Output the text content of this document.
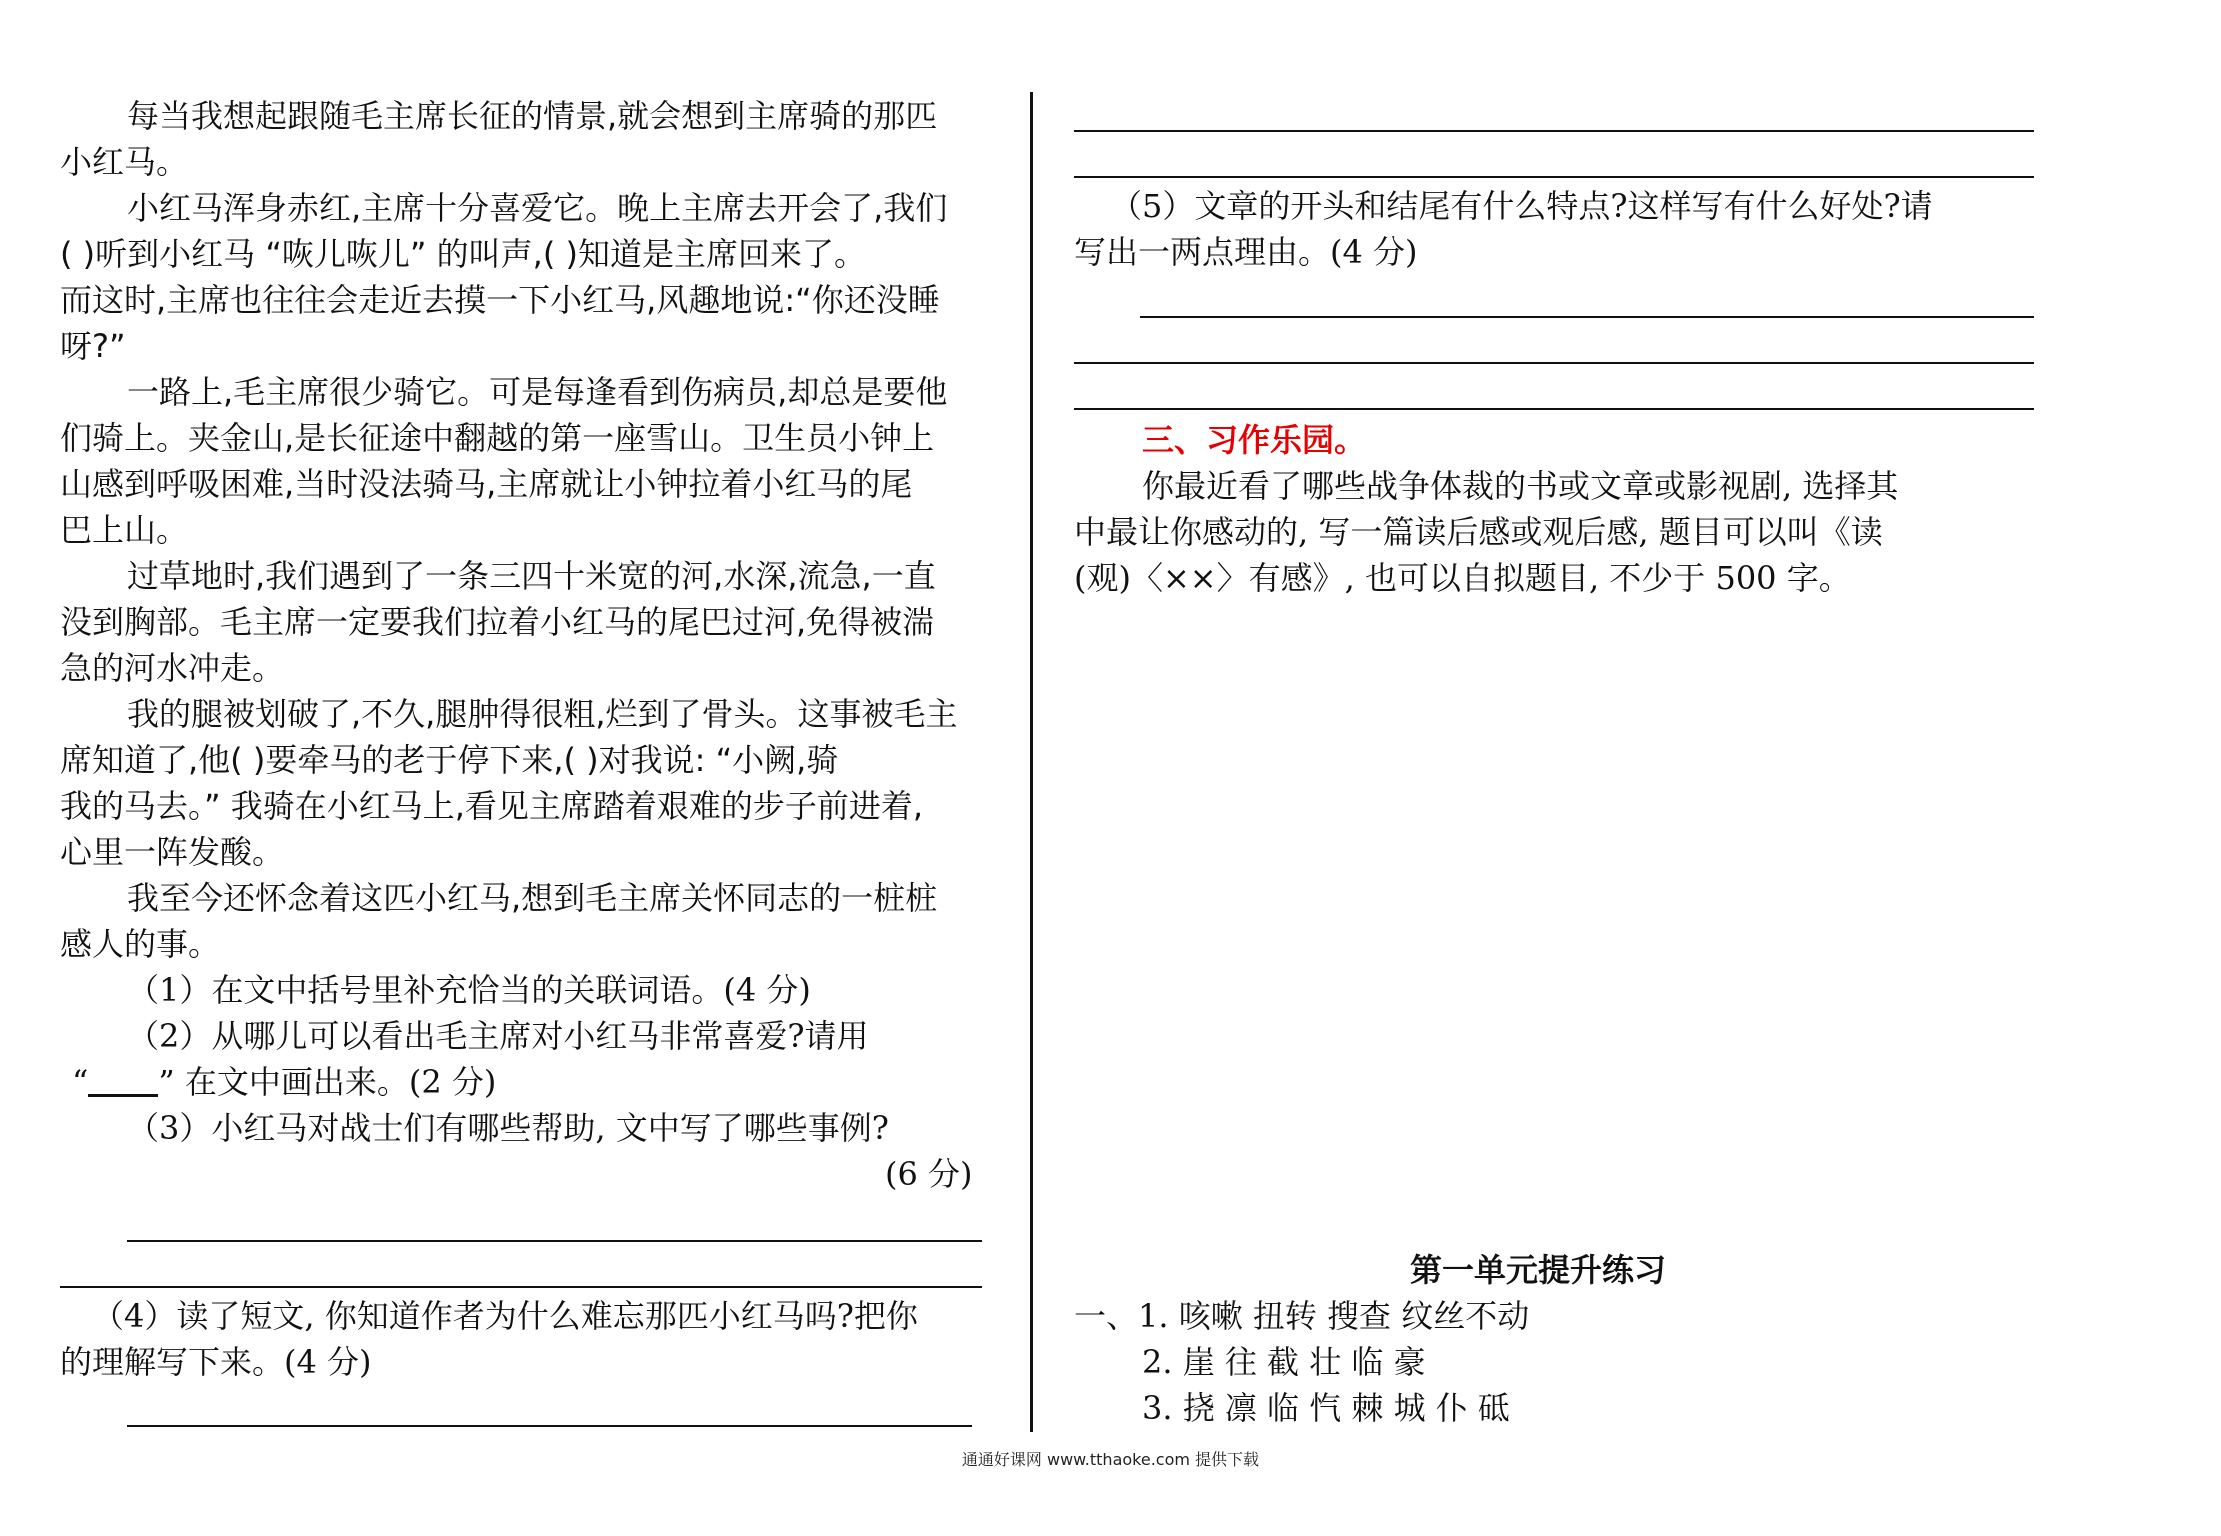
每当我想起跟随毛主席长征的情景,就会想到主席骑的那匹
小红马。
小红马浑身赤红,主席十分喜爱它。晚上主席去开会了,我们
( )听到小红马 “咴儿咴儿” 的叫声,( )知道是主席回来了。
而这时,主席也往往会走近去摸一下小红马,风趣地说:“你还没睡
呀?”
一路上,毛主席很少骑它。可是每逢看到伤病员,却总是要他
们骑上。夹金山,是长征途中翻越的第一座雪山。卫生员小钟上
山感到呼吸困难,当时没法骑马,主席就让小钟拉着小红马的尾
巴上山。
过草地时,我们遇到了一条三四十米宽的河,水深,流急,一直
没到胸部。毛主席一定要我们拉着小红马的尾巴过河,免得被湍
急的河水冲走。
我的腿被划破了,不久,腿肿得很粗,烂到了骨头。这事被毛主
席知道了,他( )要牵马的老于停下来,( )对我说: “小阙,骑
我的马去。” 我骑在小红马上,看见主席踏着艰难的步子前进着,
心里一阵发酸。
我至今还怀念着这匹小红马,想到毛主席关怀同志的一桩桩
感人的事。
（1）在文中括号里补充恰当的关联词语。(4 分)
（2）从哪儿可以看出毛主席对小红马非常喜爱?请用
“ ” 在文中画出来。(2 分)
（3）小红马对战士们有哪些帮助, 文中写了哪些事例?
(6 分)
（4）读了短文, 你知道作者为什么难忘那匹小红马吗?把你
的理解写下来。(4 分)
（5）文章的开头和结尾有什么特点?这样写有什么好处?请
写出一两点理由。(4 分)
三、习作乐园。
你最近看了哪些战争体裁的书或文章或影视剧, 选择其
中最让你感动的, 写一篇读后感或观后感, 题目可以叫《读
(观)〈××〉有感》, 也可以自拟题目, 不少于 500 字。
第一单元提升练习
一、1. 咳嗽 扭转 搜查 纹丝不动
2. 崖 往 截 壮 临 豪
3. 挠 凛 临 忾 棘 城 仆 砥
通通好课网 www.tthaoke.com 提供下载
